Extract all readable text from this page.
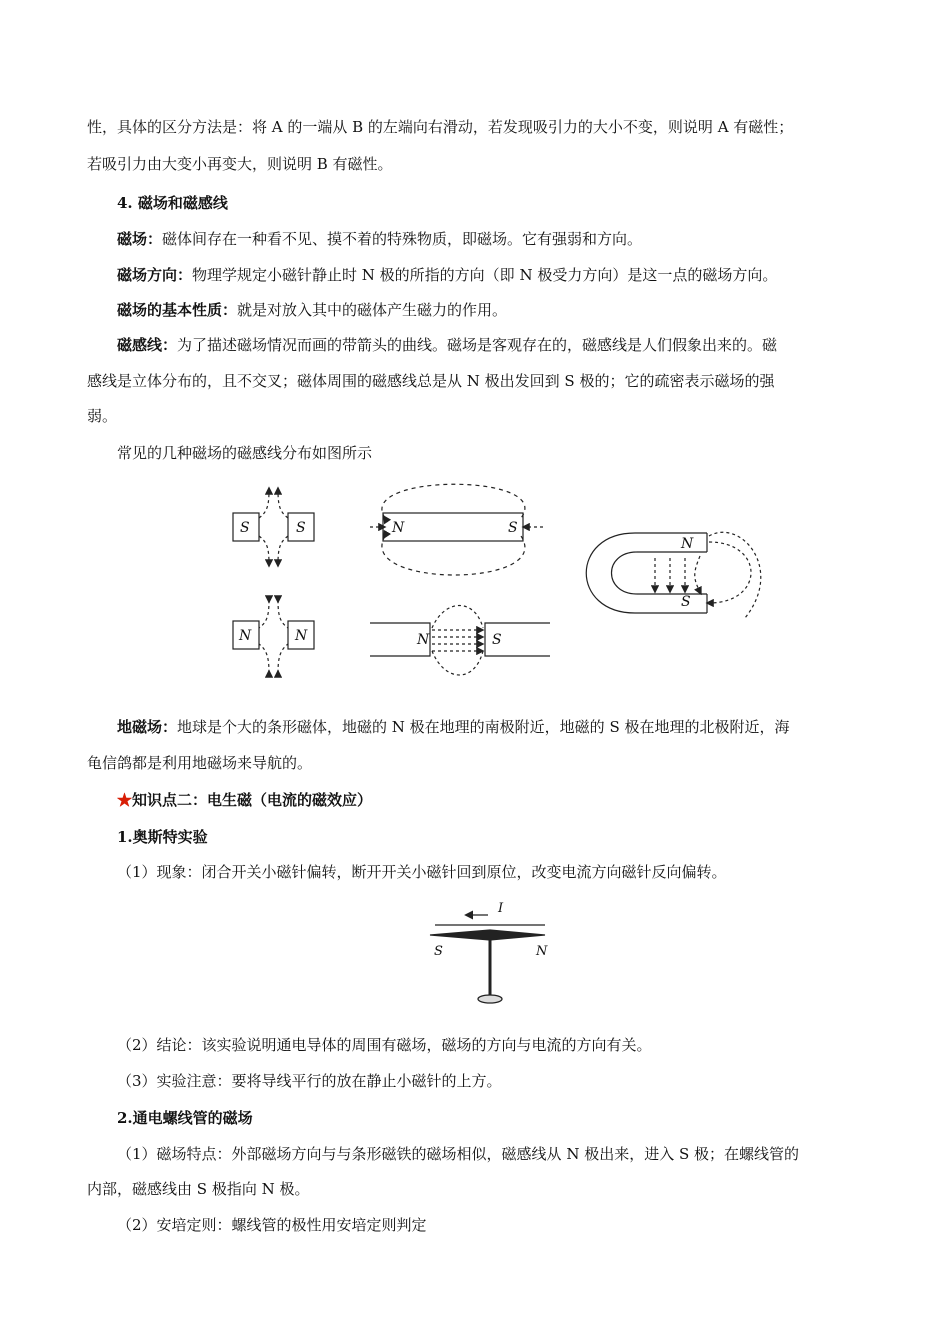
性，具体的区分方法是：将 A 的一端从 B 的左端向右滑动，若发现吸引力的大小不变，则说明 A 有磁性；
若吸引力由大变小再变大，则说明 B 有磁性。
4. 磁场和磁感线
磁场：磁体间存在一种看不见、摸不着的特殊物质，即磁场。它有强弱和方向。
磁场方向：物理学规定小磁针静止时 N 极的所指的方向（即 N 极受力方向）是这一点的磁场方向。
磁场的基本性质：就是对放入其中的磁体产生磁力的作用。
磁感线：为了描述磁场情况而画的带箭头的曲线。磁场是客观存在的，磁感线是人们假象出来的。磁
感线是立体分布的，且不交叉；磁体周围的磁感线总是从 N 极出发回到 S 极的；它的疏密表示磁场的强
弱。
常见的几种磁场的磁感线分布如图所示
S	S	N	S
N
S
N	N	N	S
地磁场：地球是个大的条形磁体，地磁的 N 极在地理的南极附近，地磁的 S 极在地理的北极附近，海
龟信鸽都是利用地磁场来导航的。
★知识点二：电生磁（电流的磁效应）
1.奥斯特实验
（1）现象：闭合开关小磁针偏转，断开开关小磁针回到原位，改变电流方向磁针反向偏转。
I
S	N
（2）结论：该实验说明通电导体的周围有磁场，磁场的方向与电流的方向有关。
（3）实验注意：要将导线平行的放在静止小磁针的上方。
2.通电螺线管的磁场
（1）磁场特点：外部磁场方向与与条形磁铁的磁场相似，磁感线从 N 极出来，进入 S 极；在螺线管的
内部，磁感线由 S 极指向 N 极。
（2）安培定则：螺线管的极性用安培定则判定
